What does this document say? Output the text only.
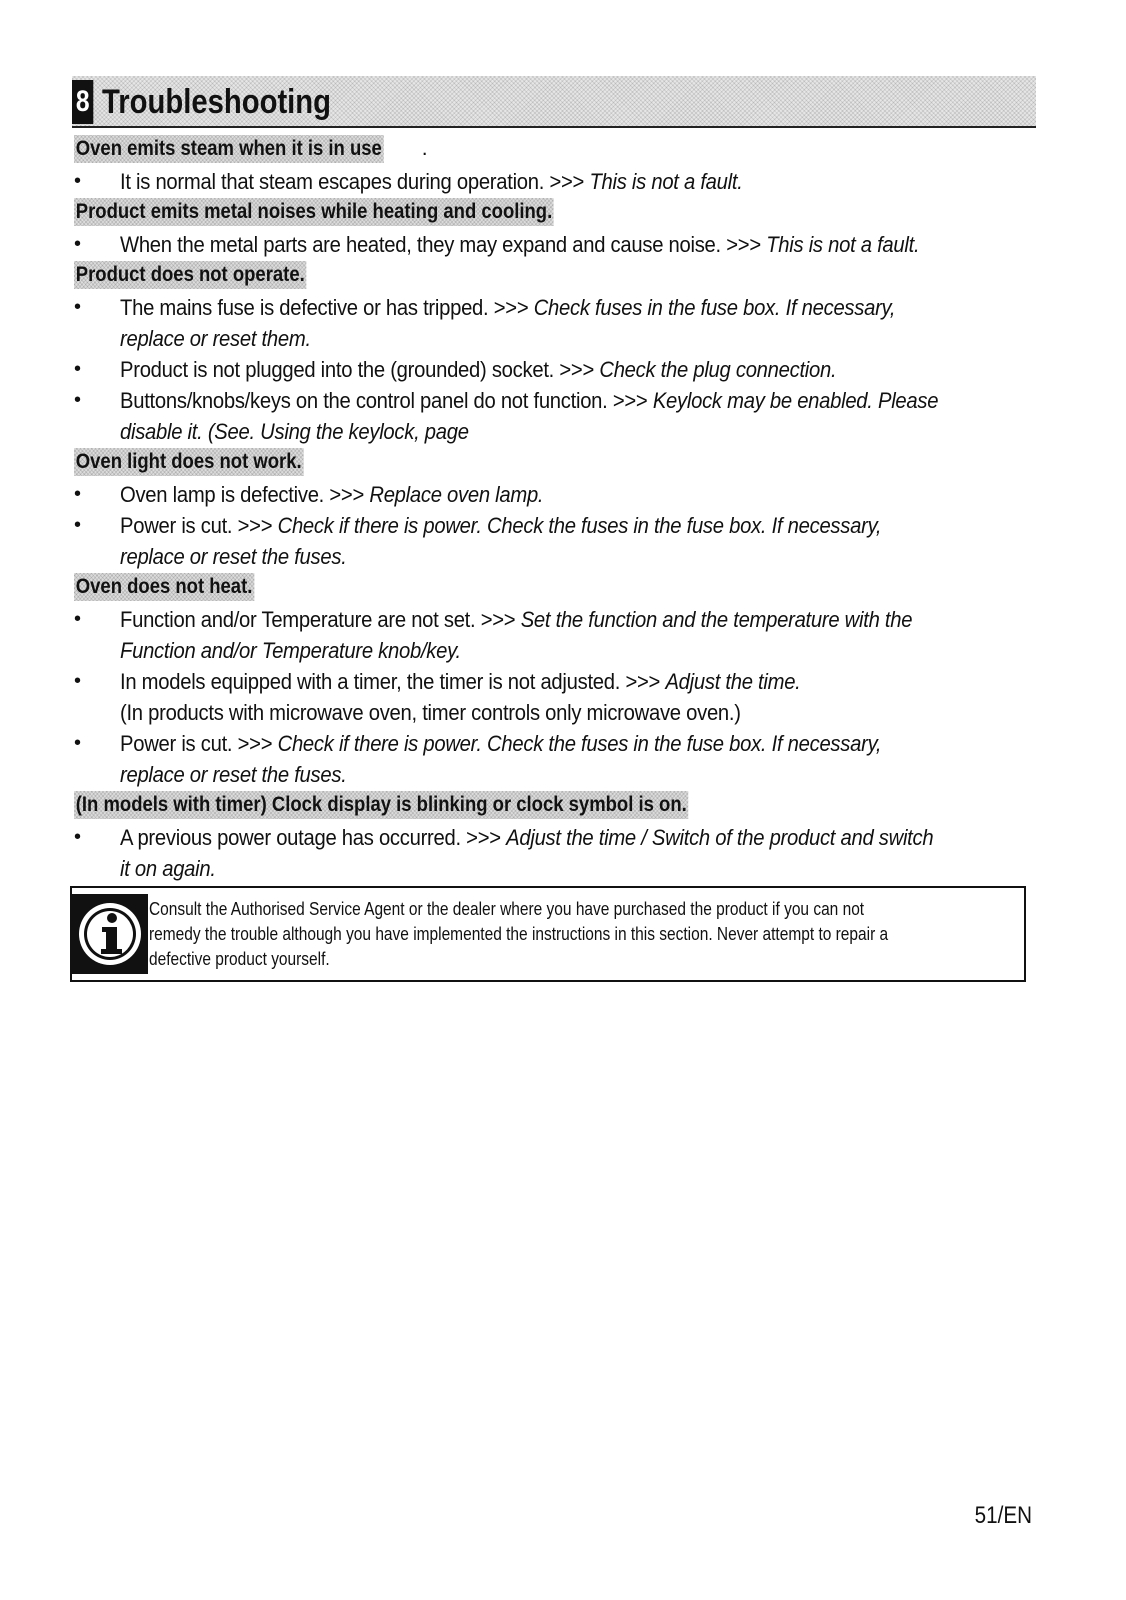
8 Troubleshooting
Oven emits steam when it is in use .
• It is normal that steam escapes during operation. >>> This is not a fault.
Product emits metal noises while heating and cooling.
• When the metal parts are heated, they may expand and cause noise. >>> This is not a fault.
Product does not operate.
• The mains fuse is defective or has tripped. >>> Check fuses in the fuse box. If necessary,
replace or reset them.
• Product is not plugged into the (grounded) socket. >>> Check the plug connection.
• Buttons/knobs/keys on the control panel do not function. >>> Keylock may be enabled. Please
disable it. (See. Using the keylock, page
Oven light does not work.
• Oven lamp is defective. >>> Replace oven lamp.
• Power is cut. >>> Check if there is power. Check the fuses in the fuse box. If necessary,
replace or reset the fuses.
Oven does not heat.
• Function and/or Temperature are not set. >>> Set the function and the temperature with the
Function and/or Temperature knob/key.
• In models equipped with a timer, the timer is not adjusted. >>> Adjust the time.
(In products with microwave oven, timer controls only microwave oven.)
• Power is cut. >>> Check if there is power. Check the fuses in the fuse box. If necessary,
replace or reset the fuses.
(In models with timer) Clock display is blinking or clock symbol is on.
• A previous power outage has occurred. >>> Adjust the time / Switch of the product and switch
it on again.
Consult the Authorised Service Agent or the dealer where you have purchased the product if you can not
remedy the trouble although you have implemented the instructions in this section. Never attempt to repair a
defective product yourself.
51/EN
